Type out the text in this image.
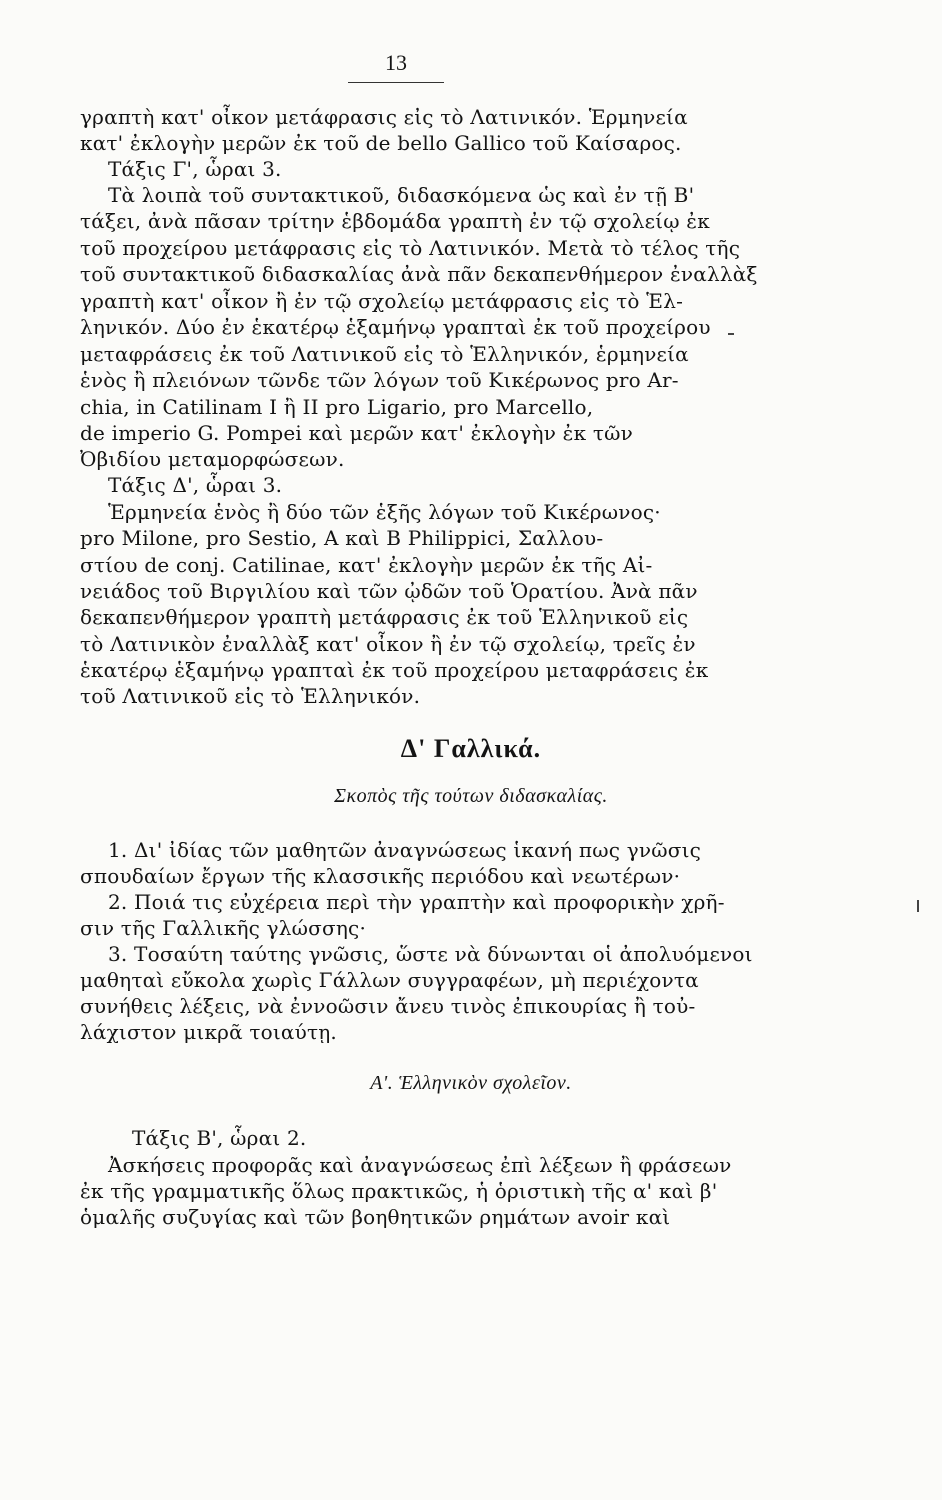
13
γραπτὴ κατ' οἶκον μετάφρασις εἰς τὸ Λατινικόν. Ἑρμηνεία
κατ' ἐκλογὴν μερῶν ἐκ τοῦ de bello Gallico τοῦ Καίσαρος.
Τάξις Γ', ὧραι 3.
Τὰ λοιπὰ τοῦ συντακτικοῦ, διδασκόμενα ὡς καὶ ἐν τῇ Β'
τάξει, ἀνὰ πᾶσαν τρίτην ἑβδομάδα γραπτὴ ἐν τῷ σχολείῳ ἐκ
τοῦ προχείρου μετάφρασις εἰς τὸ Λατινικόν. Μετὰ τὸ τέλος τῆς
τοῦ συντακτικοῦ διδασκαλίας ἀνὰ πᾶν δεκαπενθήμερον ἐναλλὰξ
γραπτὴ κατ' οἶκον ἢ ἐν τῷ σχολείῳ μετάφρασις εἰς τὸ Ἑλ-
ληνικόν. Δύο ἐν ἑκατέρῳ ἑξαμήνῳ γραπταὶ ἐκ τοῦ προχείρου
μεταφράσεις ἐκ τοῦ Λατινικοῦ εἰς τὸ Ἑλληνικόν, ἑρμηνεία
ἑνὸς ἢ πλειόνων τῶνδε τῶν λόγων τοῦ Κικέρωνος pro Ar-
chia, in Catilinam I ἢ II pro Ligario, pro Marcello,
de imperio G. Pompei καὶ μερῶν κατ' ἐκλογὴν ἐκ τῶν
Ὀβιδίου μεταμορφώσεων.
Τάξις Δ', ὧραι 3.
Ἑρμηνεία ἑνὸς ἢ δύο τῶν ἑξῆς λόγων τοῦ Κικέρωνος·
pro Milone, pro Sestio, A καὶ B Philippici, Σαλλου-
στίου de conj. Catilinae, κατ' ἐκλογὴν μερῶν ἐκ τῆς Αἰ-
νειάδος τοῦ Βιργιλίου καὶ τῶν ᾠδῶν τοῦ Ὁρατίου. Ἀνὰ πᾶν
δεκαπενθήμερον γραπτὴ μετάφρασις ἐκ τοῦ Ἑλληνικοῦ εἰς
τὸ Λατινικὸν ἐναλλὰξ κατ' οἶκον ἢ ἐν τῷ σχολείῳ, τρεῖς ἐν
ἑκατέρῳ ἑξαμήνῳ γραπταὶ ἐκ τοῦ προχείρου μεταφράσεις ἐκ
τοῦ Λατινικοῦ εἰς τὸ Ἑλληνικόν.
Δ' Γαλλικά.
Σκοπὸς τῆς τούτων διδασκαλίας.
1. Δι' ἰδίας τῶν μαθητῶν ἀναγνώσεως ἱκανή πως γνῶσις
σπουδαίων ἔργων τῆς κλασσικῆς περιόδου καὶ νεωτέρων·
2. Ποιά τις εὐχέρεια περὶ τὴν γραπτὴν καὶ προφορικὴν χρῆ-
σιν τῆς Γαλλικῆς γλώσσης·
3. Τοσαύτη ταύτης γνῶσις, ὥστε νὰ δύνωνται οἱ ἀπολυόμενοι
μαθηταὶ εὔκολα χωρὶς Γάλλων συγγραφέων, μὴ περιέχοντα
συνήθεις λέξεις, νὰ ἐννοῶσιν ἄνευ τινὸς ἐπικουρίας ἢ τοὐ-
λάχιστον μικρᾶ τοιαύτῃ.
Α'. Ἑλληνικὸν σχολεῖον.
Τάξις Β', ὧραι 2.
Ἀσκήσεις προφορᾶς καὶ ἀναγνώσεως ἐπὶ λέξεων ἢ φράσεων
ἐκ τῆς γραμματικῆς ὅλως πρακτικῶς, ἡ ὁριστικὴ τῆς α' καὶ β'
ὁμαλῆς συζυγίας καὶ τῶν βοηθητικῶν ρημάτων avoir καὶ
